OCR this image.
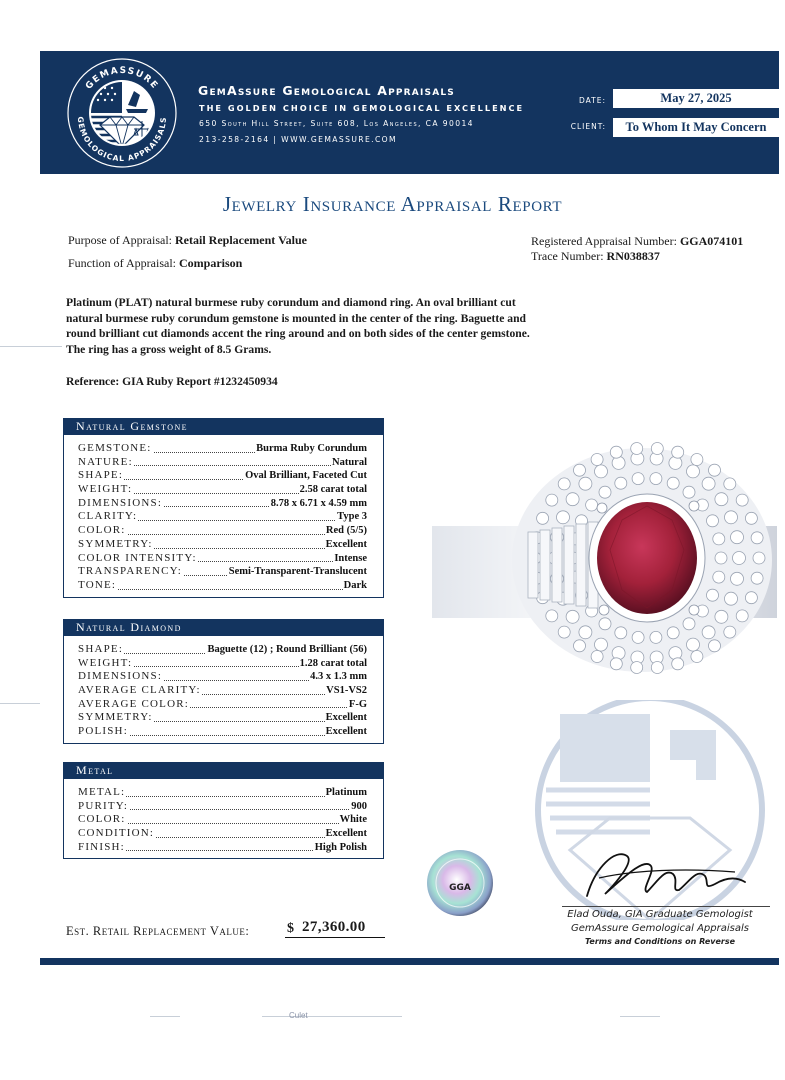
GEMASSURE
GEMOLOGICAL APPRAISALS
GemAssure Gemological Appraisals
THE GOLDEN CHOICE IN GEMOLOGICAL EXCELLENCE
650 South Hill Street, Suite 608, Los Angeles, CA 90014
213-258-2164 | WWW.GEMASSURE.COM
DATE:	May 27, 2025
CLIENT:	To Whom It May Concern
Jewelry Insurance Appraisal Report
Purpose of Appraisal: Retail Replacement Value
Function of Appraisal: Comparison
Registered Appraisal Number: GGA074101
Trace Number: RN038837
Platinum (PLAT) natural burmese ruby corundum and diamond ring. An oval brilliant cut natural burmese ruby corundum gemstone is mounted in the center of the ring. Baguette and round brilliant cut diamonds accent the ring around and on both sides of the center gemstone. The ring has a gross weight of 8.5 Grams.
Reference: GIA Ruby Report #1232450934
Natural Gemstone
GEMSTONE:	Burma Ruby Corundum
NATURE:	Natural
SHAPE:	Oval Brilliant, Faceted Cut
WEIGHT:	2.58 carat total
DIMENSIONS:	8.78 x 6.71 x 4.59 mm
CLARITY:	Type 3
COLOR:	Red (5/5)
SYMMETRY:	Excellent
COLOR INTENSITY:	Intense
TRANSPARENCY:	Semi-Transparent-Translucent
TONE:	Dark
Natural Diamond
SHAPE:	Baguette (12) ; Round Brilliant (56)
WEIGHT:	1.28 carat total
DIMENSIONS:	4.3 x 1.3 mm
AVERAGE CLARITY:	VS1-VS2
AVERAGE COLOR:	F-G
SYMMETRY:	Excellent
POLISH:	Excellent
Metal
METAL:	Platinum
PURITY:	900
COLOR:	White
CONDITION:	Excellent
FINISH:	High Polish
GGA
Elad Ouda, GIA Graduate Gemologist
GemAssure Gemological Appraisals
Terms and Conditions on Reverse
Est. Retail Replacement Value:	$ 27,360.00
Culet
